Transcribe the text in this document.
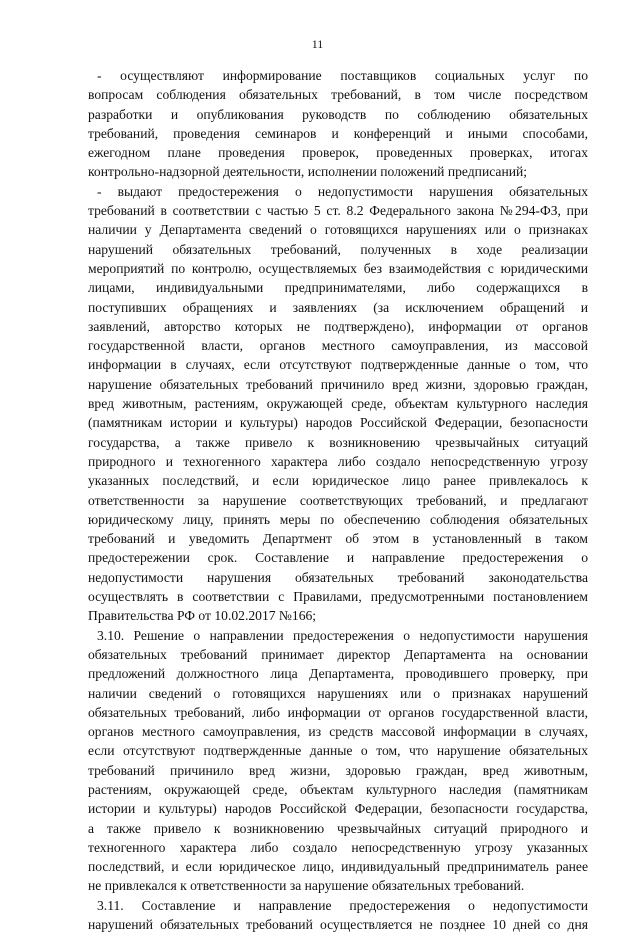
11
- осуществляют информирование поставщиков социальных услуг по
вопросам соблюдения обязательных требований, в том числе посредством
разработки и опубликования руководств по соблюдению обязательных
требований, проведения семинаров и конференций и иными способами,
ежегодном плане проведения проверок, проведенных проверках, итогах
контрольно-надзорной деятельности, исполнении положений предписаний;
- выдают предостережения о недопустимости нарушения обязательных
требований в соответствии с частью 5 ст. 8.2 Федерального закона №294-ФЗ, при
наличии у Департамента сведений о готовящихся нарушениях или о признаках
нарушений обязательных требований, полученных в ходе реализации
мероприятий по контролю, осуществляемых без взаимодействия с юридическими
лицами, индивидуальными предпринимателями, либо содержащихся в
поступивших обращениях и заявлениях (за исключением обращений и
заявлений, авторство которых не подтверждено), информации от органов
государственной власти, органов местного самоуправления, из массовой
информации в случаях, если отсутствуют подтвержденные данные о том, что
нарушение обязательных требований причинило вред жизни, здоровью граждан,
вред животным, растениям, окружающей среде, объектам культурного наследия
(памятникам истории и культуры) народов Российской Федерации, безопасности
государства, а также привело к возникновению чрезвычайных ситуаций
природного и техногенного характера либо создало непосредственную угрозу
указанных последствий, и если юридическое лицо ранее привлекалось к
ответственности за нарушение соответствующих требований, и предлагают
юридическому лицу, принять меры по обеспечению соблюдения обязательных
требований и уведомить Департмент об этом в установленный в таком
предостережении срок. Составление и направление предостережения о
недопустимости нарушения обязательных требований законодательства
осуществлять в соответствии с Правилами, предусмотренными постановлением
Правительства РФ от 10.02.2017 №166;
3.10. Решение о направлении предостережения о недопустимости нарушения
обязательных требований принимает директор Департамента на основании
предложений должностного лица Департамента, проводившего проверку, при
наличии сведений о готовящихся нарушениях или о признаках нарушений
обязательных требований, либо информации от органов государственной власти,
органов местного самоуправления, из средств массовой информации в случаях,
если отсутствуют подтвержденные данные о том, что нарушение обязательных
требований причинило вред жизни, здоровью граждан, вред животным,
растениям, окружающей среде, объектам культурного наследия (памятникам
истории и культуры) народов Российской Федерации, безопасности государства,
а также привело к возникновению чрезвычайных ситуаций природного и
техногенного характера либо создало непосредственную угрозу указанных
последствий, и если юридическое лицо, индивидуальный предприниматель ранее
не привлекался к ответственности за нарушение обязательных требований.
3.11. Составление и направление предостережения о недопустимости
нарушений обязательных требований осуществляется не позднее 10 дней со дня
